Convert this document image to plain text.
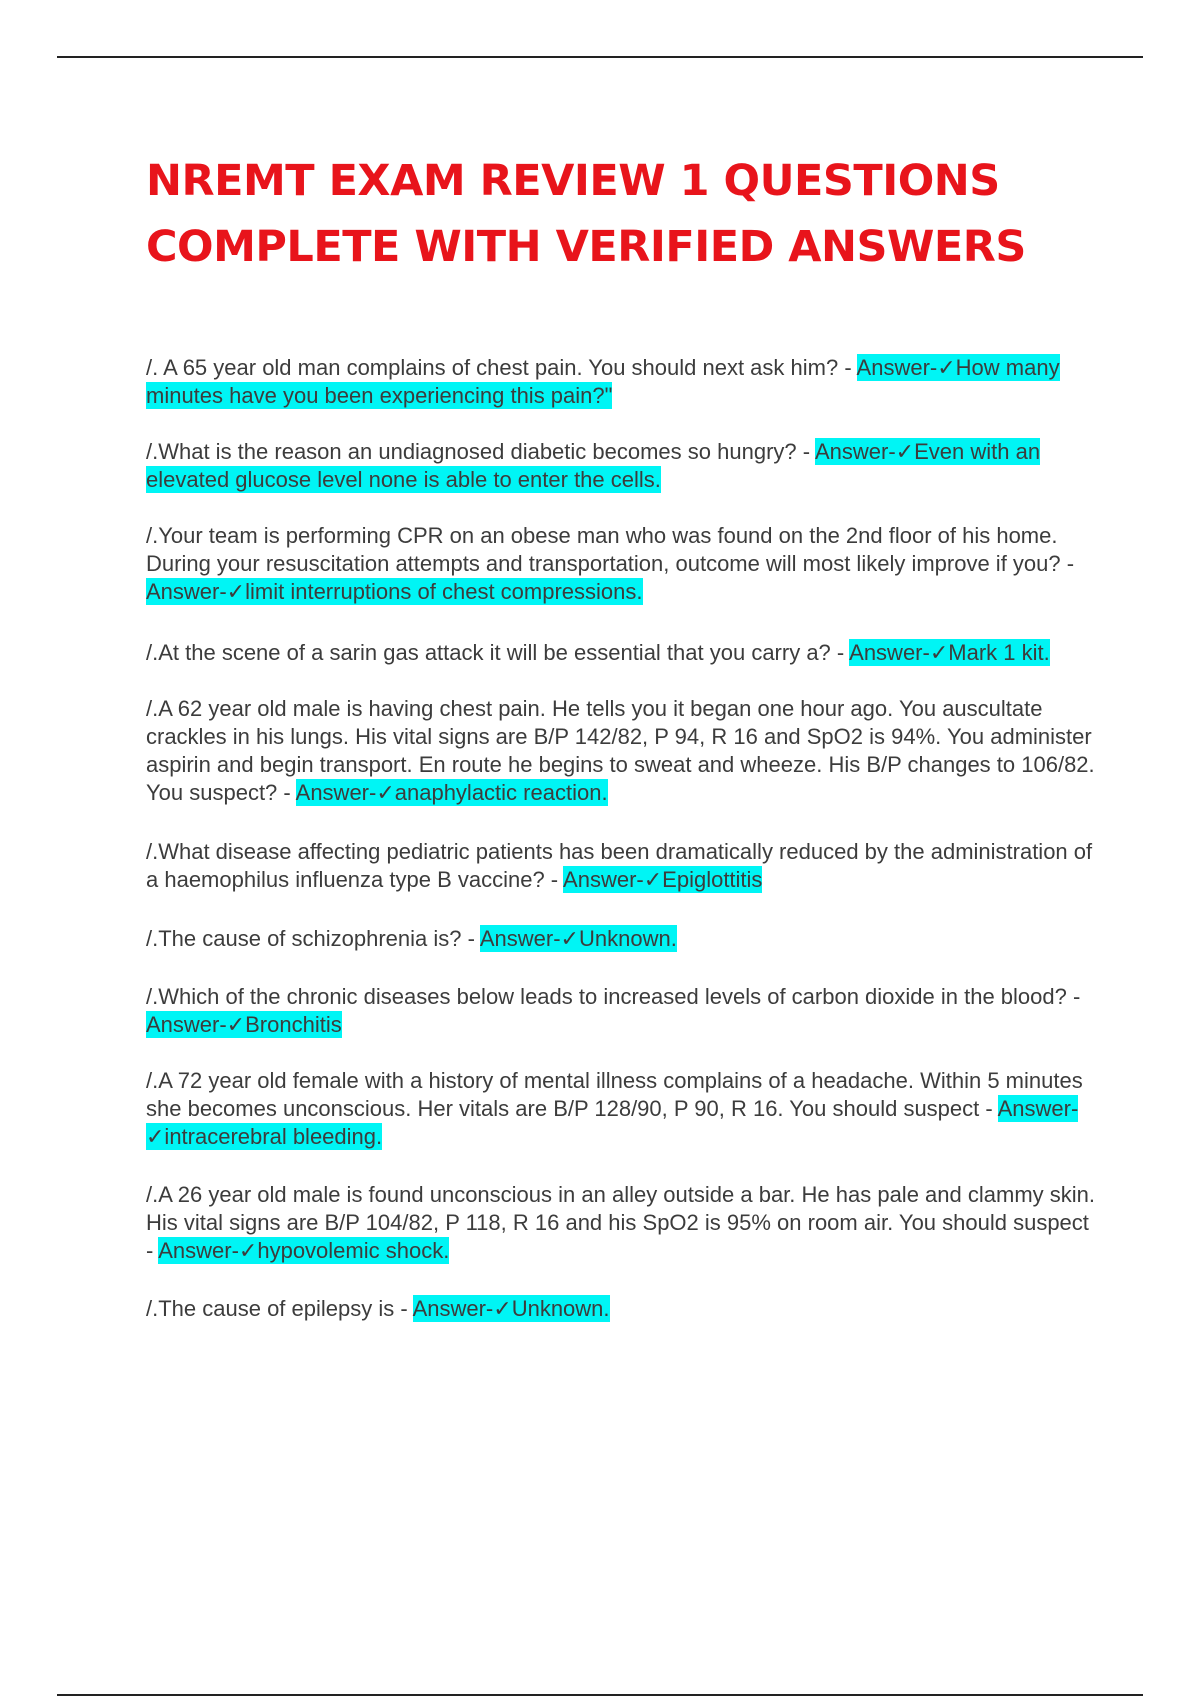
NREMT EXAM REVIEW 1 QUESTIONS
COMPLETE WITH VERIFIED ANSWERS
/. A 65 year old man complains of chest pain. You should next ask him? - Answer-✓How many minutes have you been experiencing this pain?"
/.What is the reason an undiagnosed diabetic becomes so hungry? - Answer-✓Even with an elevated glucose level none is able to enter the cells.
/.Your team is performing CPR on an obese man who was found on the 2nd floor of his home. During your resuscitation attempts and transportation, outcome will most likely improve if you? - Answer-✓limit interruptions of chest compressions.
/.At the scene of a sarin gas attack it will be essential that you carry a? - Answer-✓Mark 1 kit.
/.A 62 year old male is having chest pain. He tells you it began one hour ago. You auscultate crackles in his lungs. His vital signs are B/P 142/82, P 94, R 16 and SpO2 is 94%. You administer aspirin and begin transport. En route he begins to sweat and wheeze. His B/P changes to 106/82. You suspect? - Answer-✓anaphylactic reaction.
/.What disease affecting pediatric patients has been dramatically reduced by the administration of a haemophilus influenza type B vaccine? - Answer-✓Epiglottitis
/.The cause of schizophrenia is? - Answer-✓Unknown.
/.Which of the chronic diseases below leads to increased levels of carbon dioxide in the blood? - Answer-✓Bronchitis
/.A 72 year old female with a history of mental illness complains of a headache. Within 5 minutes she becomes unconscious. Her vitals are B/P 128/90, P 90, R 16. You should suspect - Answer-✓intracerebral bleeding.
/.A 26 year old male is found unconscious in an alley outside a bar. He has pale and clammy skin. His vital signs are B/P 104/82, P 118, R 16 and his SpO2 is 95% on room air. You should suspect - Answer-✓hypovolemic shock.
/.The cause of epilepsy is - Answer-✓Unknown.
